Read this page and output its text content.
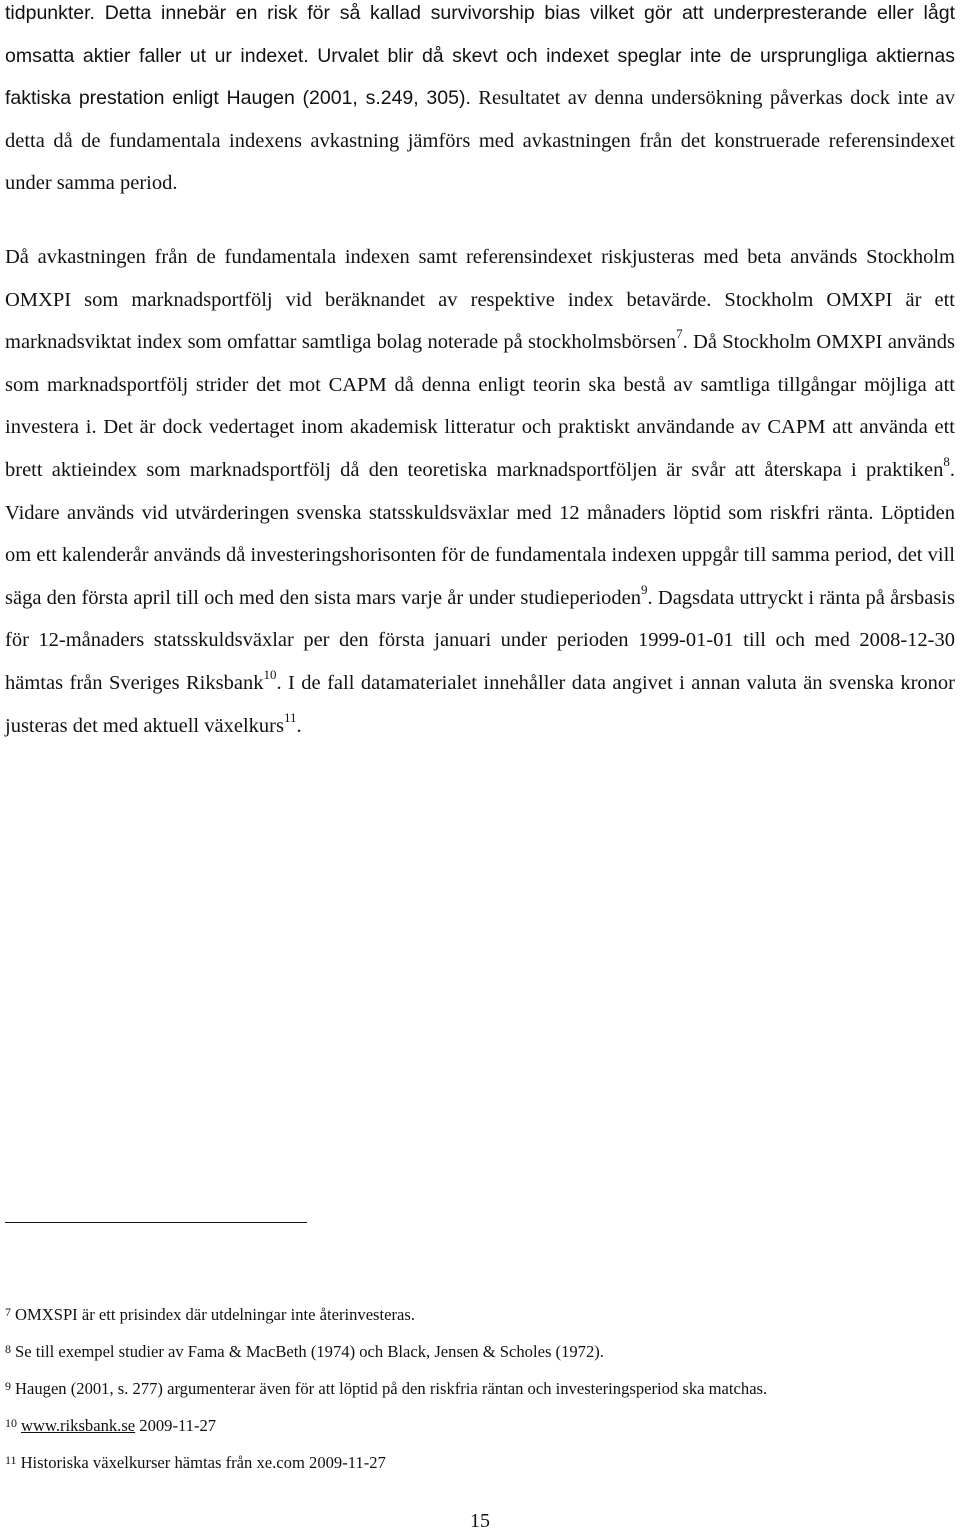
tidpunkter. Detta innebär en risk för så kallad survivorship bias vilket gör att underpresterande eller lågt omsatta aktier faller ut ur indexet. Urvalet blir då skevt och indexet speglar inte de ursprungliga aktiernas faktiska prestation enligt Haugen (2001, s.249, 305). Resultatet av denna undersökning påverkas dock inte av detta då de fundamentala indexens avkastning jämförs med avkastningen från det konstruerade referensindexet under samma period.

Då avkastningen från de fundamentala indexen samt referensindexet riskjusteras med beta används Stockholm OMXPI som marknadsportfölj vid beräknandet av respektive index betavärde. Stockholm OMXPI är ett marknadsviktat index som omfattar samtliga bolag noterade på stockholmsbörsen$^7$. Då Stockholm OMXPI används som marknadsportfölj strider det mot CAPM då denna enligt teorin ska bestå av samtliga tillgångar möjliga att investera i. Det är dock vedertaget inom akademisk litteratur och praktiskt användande av CAPM att använda ett brett aktieindex som marknadsportfölj då den teoretiska marknadsportföljen är svår att återskapa i praktiken$^8$. Vidare används vid utvärderingen svenska statsskuldsväxlar med 12 månaders löptid som riskfri ränta. Löptiden om ett kalenderår används då investeringshorisonten för de fundamentala indexen uppgår till samma period, det vill säga den första april till och med den sista mars varje år under studieperioden$^9$. Dagsdata uttryckt i ränta på årsbasis för 12-månaders statsskuldsväxlar per den första januari under perioden 1999-01-01 till och med 2008-12-30 hämtas från Sveriges Riksbank$^{10}$. I de fall datamaterialet innehåller data angivet i annan valuta än svenska kronor justeras det med aktuell växelkurs$^{11}$.

$^7$ OMXSPI är ett prisindex där utdelningar inte återinvesteras.
$^8$ Se till exempel studier av Fama & MacBeth (1974) och Black, Jensen & Scholes (1972).
$^9$ Haugen (2001, s. 277) argumenterar även för att löptid på den riskfria räntan och investeringsperiod ska matchas.
$^{10}$ www.riksbank.se 2009-11-27
$^{11}$ Historiska växelkurser hämtas från xe.com 2009-11-27
15
